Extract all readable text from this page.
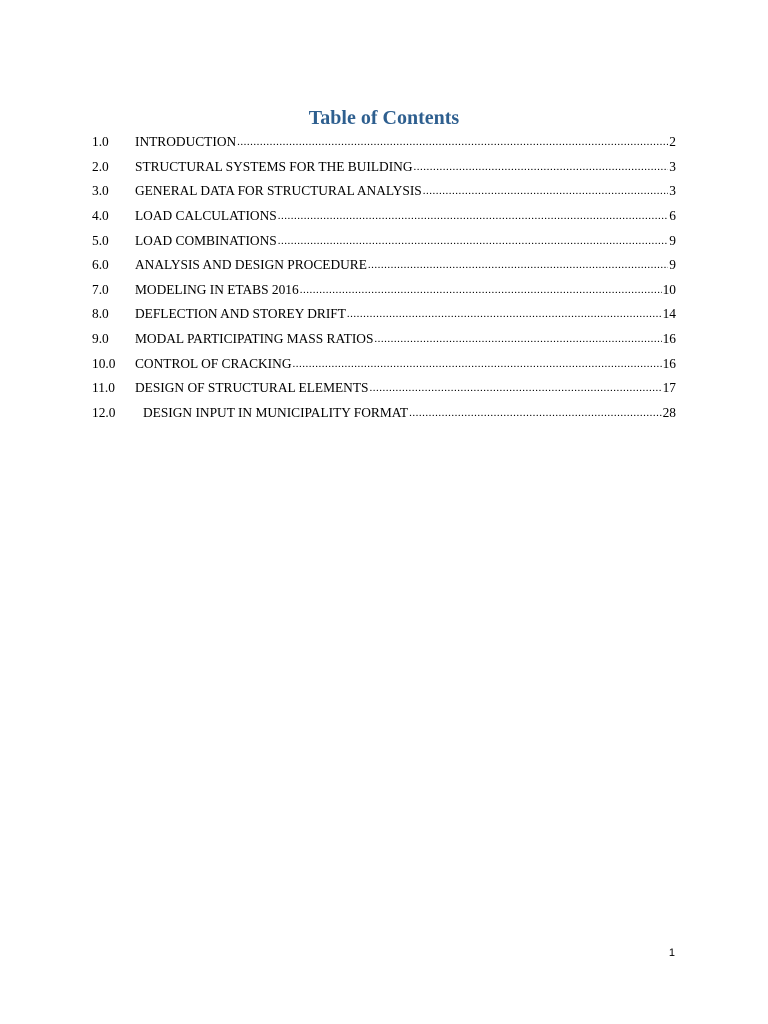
Table of Contents
1.0	INTRODUCTION .....	2
2.0	STRUCTURAL SYSTEMS FOR THE BUILDING .....	3
3.0	GENERAL DATA FOR STRUCTURAL ANALYSIS .....	3
4.0	LOAD CALCULATIONS .....	6
5.0	LOAD COMBINATIONS .....	9
6.0	ANALYSIS AND DESIGN PROCEDURE .....	9
7.0	MODELING IN ETABS 2016 .....	10
8.0	DEFLECTION AND STOREY DRIFT .....	14
9.0	MODAL PARTICIPATING MASS RATIOS .....	16
10.0	CONTROL OF CRACKING .....	16
11.0	DESIGN OF STRUCTURAL ELEMENTS .....	17
12.0	DESIGN INPUT IN MUNICIPALITY FORMAT .....	28
1
